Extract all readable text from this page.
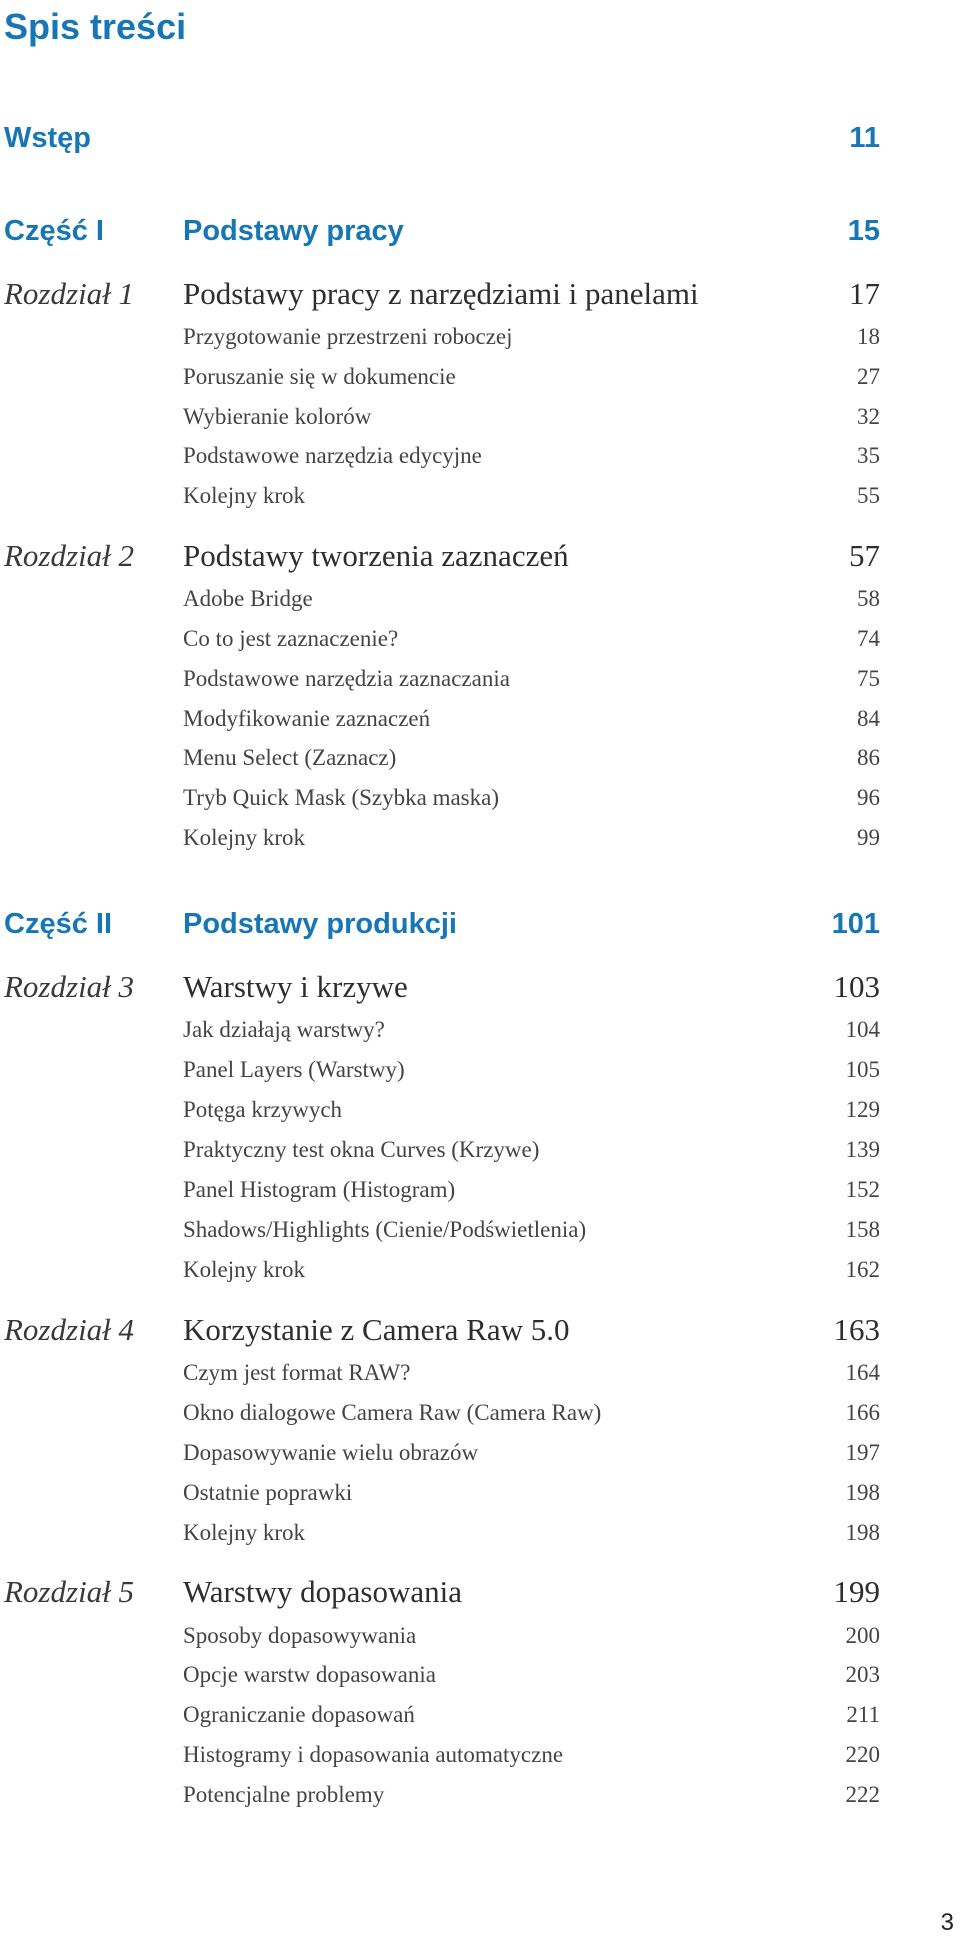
Spis treści
Wstęp	11
Część I	Podstawy pracy	15
Rozdział 1 Podstawy pracy z narzędziami i panelami	17
Przygotowanie przestrzeni roboczej	18
Poruszanie się w dokumencie	27
Wybieranie kolorów	32
Podstawowe narzędzia edycyjne	35
Kolejny krok	55
Rozdział 2 Podstawy tworzenia zaznaczeń	57
Adobe Bridge	58
Co to jest zaznaczenie?	74
Podstawowe narzędzia zaznaczania	75
Modyfikowanie zaznaczeń	84
Menu Select (Zaznacz)	86
Tryb Quick Mask (Szybka maska)	96
Kolejny krok	99
Część II Podstawy produkcji	101
Rozdział 3 Warstwy i krzywe	103
Jak działają warstwy?	104
Panel Layers (Warstwy)	105
Potęga krzywych	129
Praktyczny test okna Curves (Krzywe)	139
Panel Histogram (Histogram)	152
Shadows/Highlights (Cienie/Podświetlenia)	158
Kolejny krok	162
Rozdział 4 Korzystanie z Camera Raw 5.0	163
Czym jest format RAW?	164
Okno dialogowe Camera Raw (Camera Raw)	166
Dopasowywanie wielu obrazów	197
Ostatnie poprawki	198
Kolejny krok	198
Rozdział 5 Warstwy dopasowania	199
Sposoby dopasowywania	200
Opcje warstw dopasowania	203
Ograniczanie dopasowań	211
Histogramy i dopasowania automatyczne	220
Potencjalne problemy	222
3
